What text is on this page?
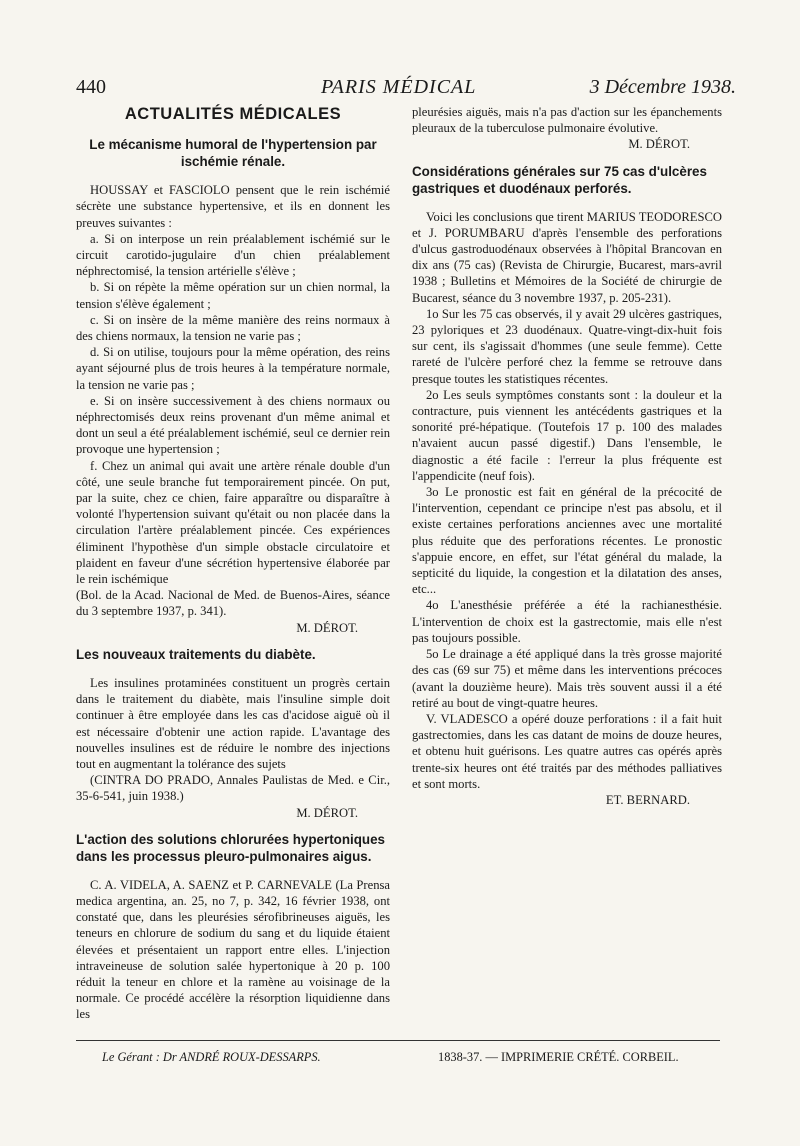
440	PARIS MÉDICAL	3 Décembre 1938.
ACTUALITÉS MÉDICALES
Le mécanisme humoral de l'hypertension par ischémie rénale.

HOUSSAY et FASCIOLO pensent que le rein ischémié sécrète une substance hypertensive, et ils en donnent les preuves suivantes :

a. Si on interpose un rein préalablement ischémié sur le circuit carotido-jugulaire d'un chien préalablement néphrectomisé, la tension artérielle s'élève ;

b. Si on répète la même opération sur un chien normal, la tension s'élève également ;

c. Si on insère de la même manière des reins normaux à des chiens normaux, la tension ne varie pas ;

d. Si on utilise, toujours pour la même opération, des reins ayant séjourné plus de trois heures à la température normale, la tension ne varie pas ;

e. Si on insère successivement à des chiens normaux ou néphrectomisés deux reins provenant d'un même animal et dont un seul a été préalablement ischémié, seul ce dernier rein provoque une hypertension ;

f. Chez un animal qui avait une artère rénale double d'un côté, une seule branche fut temporairement pincée. On put, par la suite, chez ce chien, faire apparaître ou disparaître à volonté l'hypertension suivant qu'était ou non placée dans la circulation l'artère préalablement pincée. Ces expériences éliminent l'hypothèse d'un simple obstacle circulatoire et plaident en faveur d'une sécrétion hypertensive élaborée par le rein ischémique

(Bol. de la Acad. Nacional de Med. de Buenos-Aires, séance du 3 septembre 1937, p. 341).

M. DÉROT.

Les nouveaux traitements du diabète.

Les insulines protaminées constituent un progrès certain dans le traitement du diabète, mais l'insuline simple doit continuer à être employée dans les cas d'acidose aiguë où il est nécessaire d'obtenir une action rapide. L'avantage des nouvelles insulines est de réduire le nombre des injections tout en augmentant la tolérance des sujets

(CINTRA DO PRADO, Annales Paulistas de Med. e Cir., 35-6-541, juin 1938.)

M. DÉROT.

L'action des solutions chlorurées hypertoniques dans les processus pleuro-pulmonaires aigus.

C. A. VIDELA, A. SAENZ et P. CARNEVALE (La Prensa medica argentina, an. 25, no 7, p. 342, 16 février 1938, ont constaté que, dans les pleurésies sérofibrineuses aiguës, les teneurs en chlorure de sodium du sang et du liquide étaient élevées et présentaient un rapport entre elles. L'injection intraveineuse de solution salée hypertonique à 20 p. 100 réduit la teneur en chlore et la ramène au voisinage de la normale. Ce procédé accélère la résorption liquidienne dans les

pleurésies aiguës, mais n'a pas d'action sur les épanchements pleuraux de la tuberculose pulmonaire évolutive.

M. DÉROT.

Considérations générales sur 75 cas d'ulcères gastriques et duodénaux perforés.

Voici les conclusions que tirent MARIUS TEODORESCO et J. PORUMBARU d'après l'ensemble des perforations d'ulcus gastroduodénaux observées à l'hôpital Brancovan en dix ans (75 cas) (Revista de Chirurgie, Bucarest, mars-avril 1938 ; Bulletins et Mémoires de la Société de chirurgie de Bucarest, séance du 3 novembre 1937, p. 205-231).

1o Sur les 75 cas observés, il y avait 29 ulcères gastriques, 23 pyloriques et 23 duodénaux. Quatre-vingt-dix-huit fois sur cent, ils s'agissait d'hommes (une seule femme). Cette rareté de l'ulcère perforé chez la femme se retrouve dans presque toutes les statistiques récentes.

2o Les seuls symptômes constants sont : la douleur et la contracture, puis viennent les antécédents gastriques et la sonorité pré-hépatique. (Toutefois 17 p. 100 des malades n'avaient aucun passé digestif.) Dans l'ensemble, le diagnostic a été facile : l'erreur la plus fréquente est l'appendicite (neuf fois).

3o Le pronostic est fait en général de la précocité de l'intervention, cependant ce principe n'est pas absolu, et il existe certaines perforations anciennes avec une mortalité plus réduite que des perforations récentes. Le pronostic s'appuie encore, en effet, sur l'état général du malade, la septicité du liquide, la congestion et la dilatation des anses, etc...

4o L'anesthésie préférée a été la rachianesthésie. L'intervention de choix est la gastrectomie, mais elle n'est pas toujours possible.

5o Le drainage a été appliqué dans la très grosse majorité des cas (69 sur 75) et même dans les interventions précoces (avant la douzième heure). Mais très souvent aussi il a été retiré au bout de vingt-quatre heures.

V. VLADESCO a opéré douze perforations : il a fait huit gastrectomies, dans les cas datant de moins de douze heures, et obtenu huit guérisons. Les quatre autres cas opérés après trente-six heures ont été traités par des méthodes palliatives et sont morts.

ET. BERNARD.

Le Gérant : Dr ANDRÉ ROUX-DESSARPS.	1838-37. — IMPRIMERIE CRÉTÉ. CORBEIL.
